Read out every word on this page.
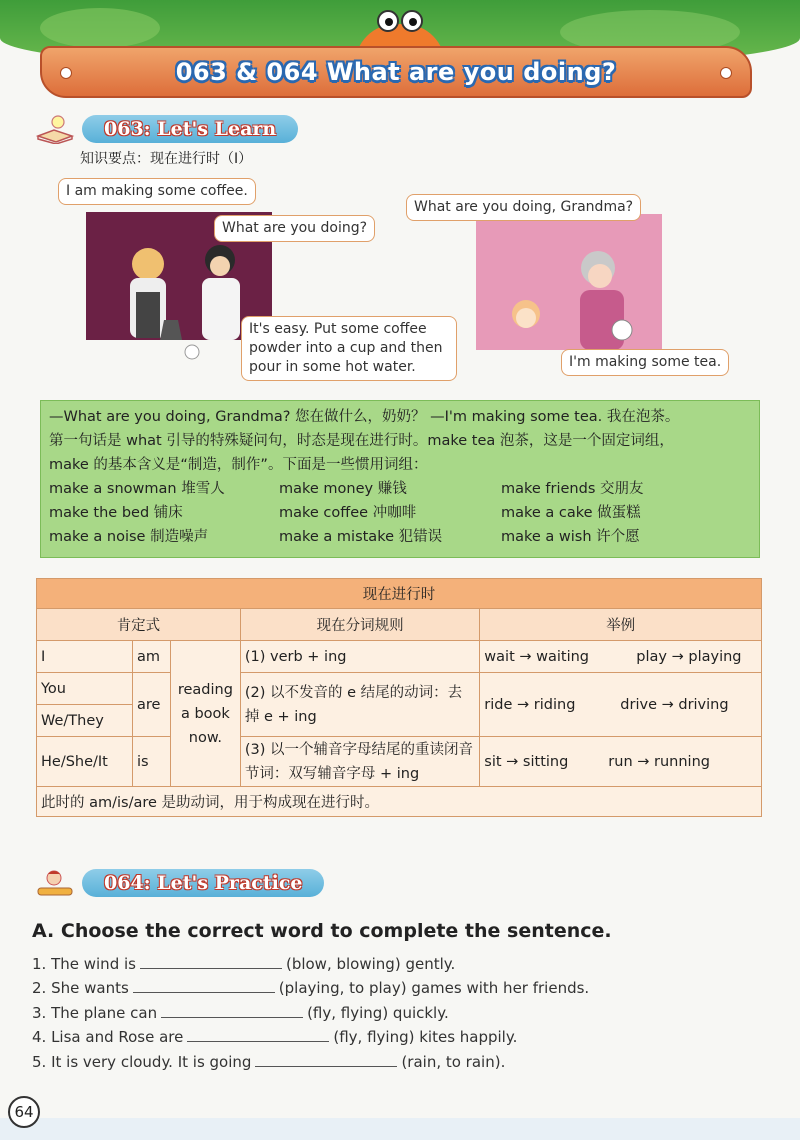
063 & 064 What are you doing?
063: Let's Learn
知识要点：现在进行时（I）
I am making some coffee.
What are you doing?
It's easy. Put some coffee powder into a cup and then pour in some hot water.
What are you doing, Grandma?
I'm making some tea.
—What are you doing, Grandma? 您在做什么，奶奶？ —I'm making some tea. 我在泡茶。
第一句话是 what 引导的特殊疑问句，时态是现在进行时。make tea 泡茶，这是一个固定词组，
make 的基本含义是“制造，制作”。下面是一些惯用词组：
make a snowman 堆雪人	make money 赚钱	make friends 交朋友
make the bed 铺床	make coffee 冲咖啡	make a cake 做蛋糕
make a noise 制造噪声	make a mistake 犯错误	make a wish 许个愿
现在进行时				
肯定式			现在分词规则	举例
I	am	reading a book now.	(1) verb + ing	wait → waiting play → playing
You	are		(2) 以不发音的 e 结尾的动词：去掉 e + ing	ride → riding drive → driving
We/They				
He/She/It	is		(3) 以一个辅音字母结尾的重读闭音节词：双写辅音字母 + ing	sit → sitting run → running
此时的 am/is/are 是助动词，用于构成现在进行时。				
064: Let's Practice
A. Choose the correct word to complete the sentence.
1. The wind is	(blow, blowing) gently.
2. She wants	(playing, to play) games with her friends.
3. The plane can	(fly, flying) quickly.
4. Lisa and Rose are	(fly, flying) kites happily.
5. It is very cloudy. It is going	(rain, to rain).
64
